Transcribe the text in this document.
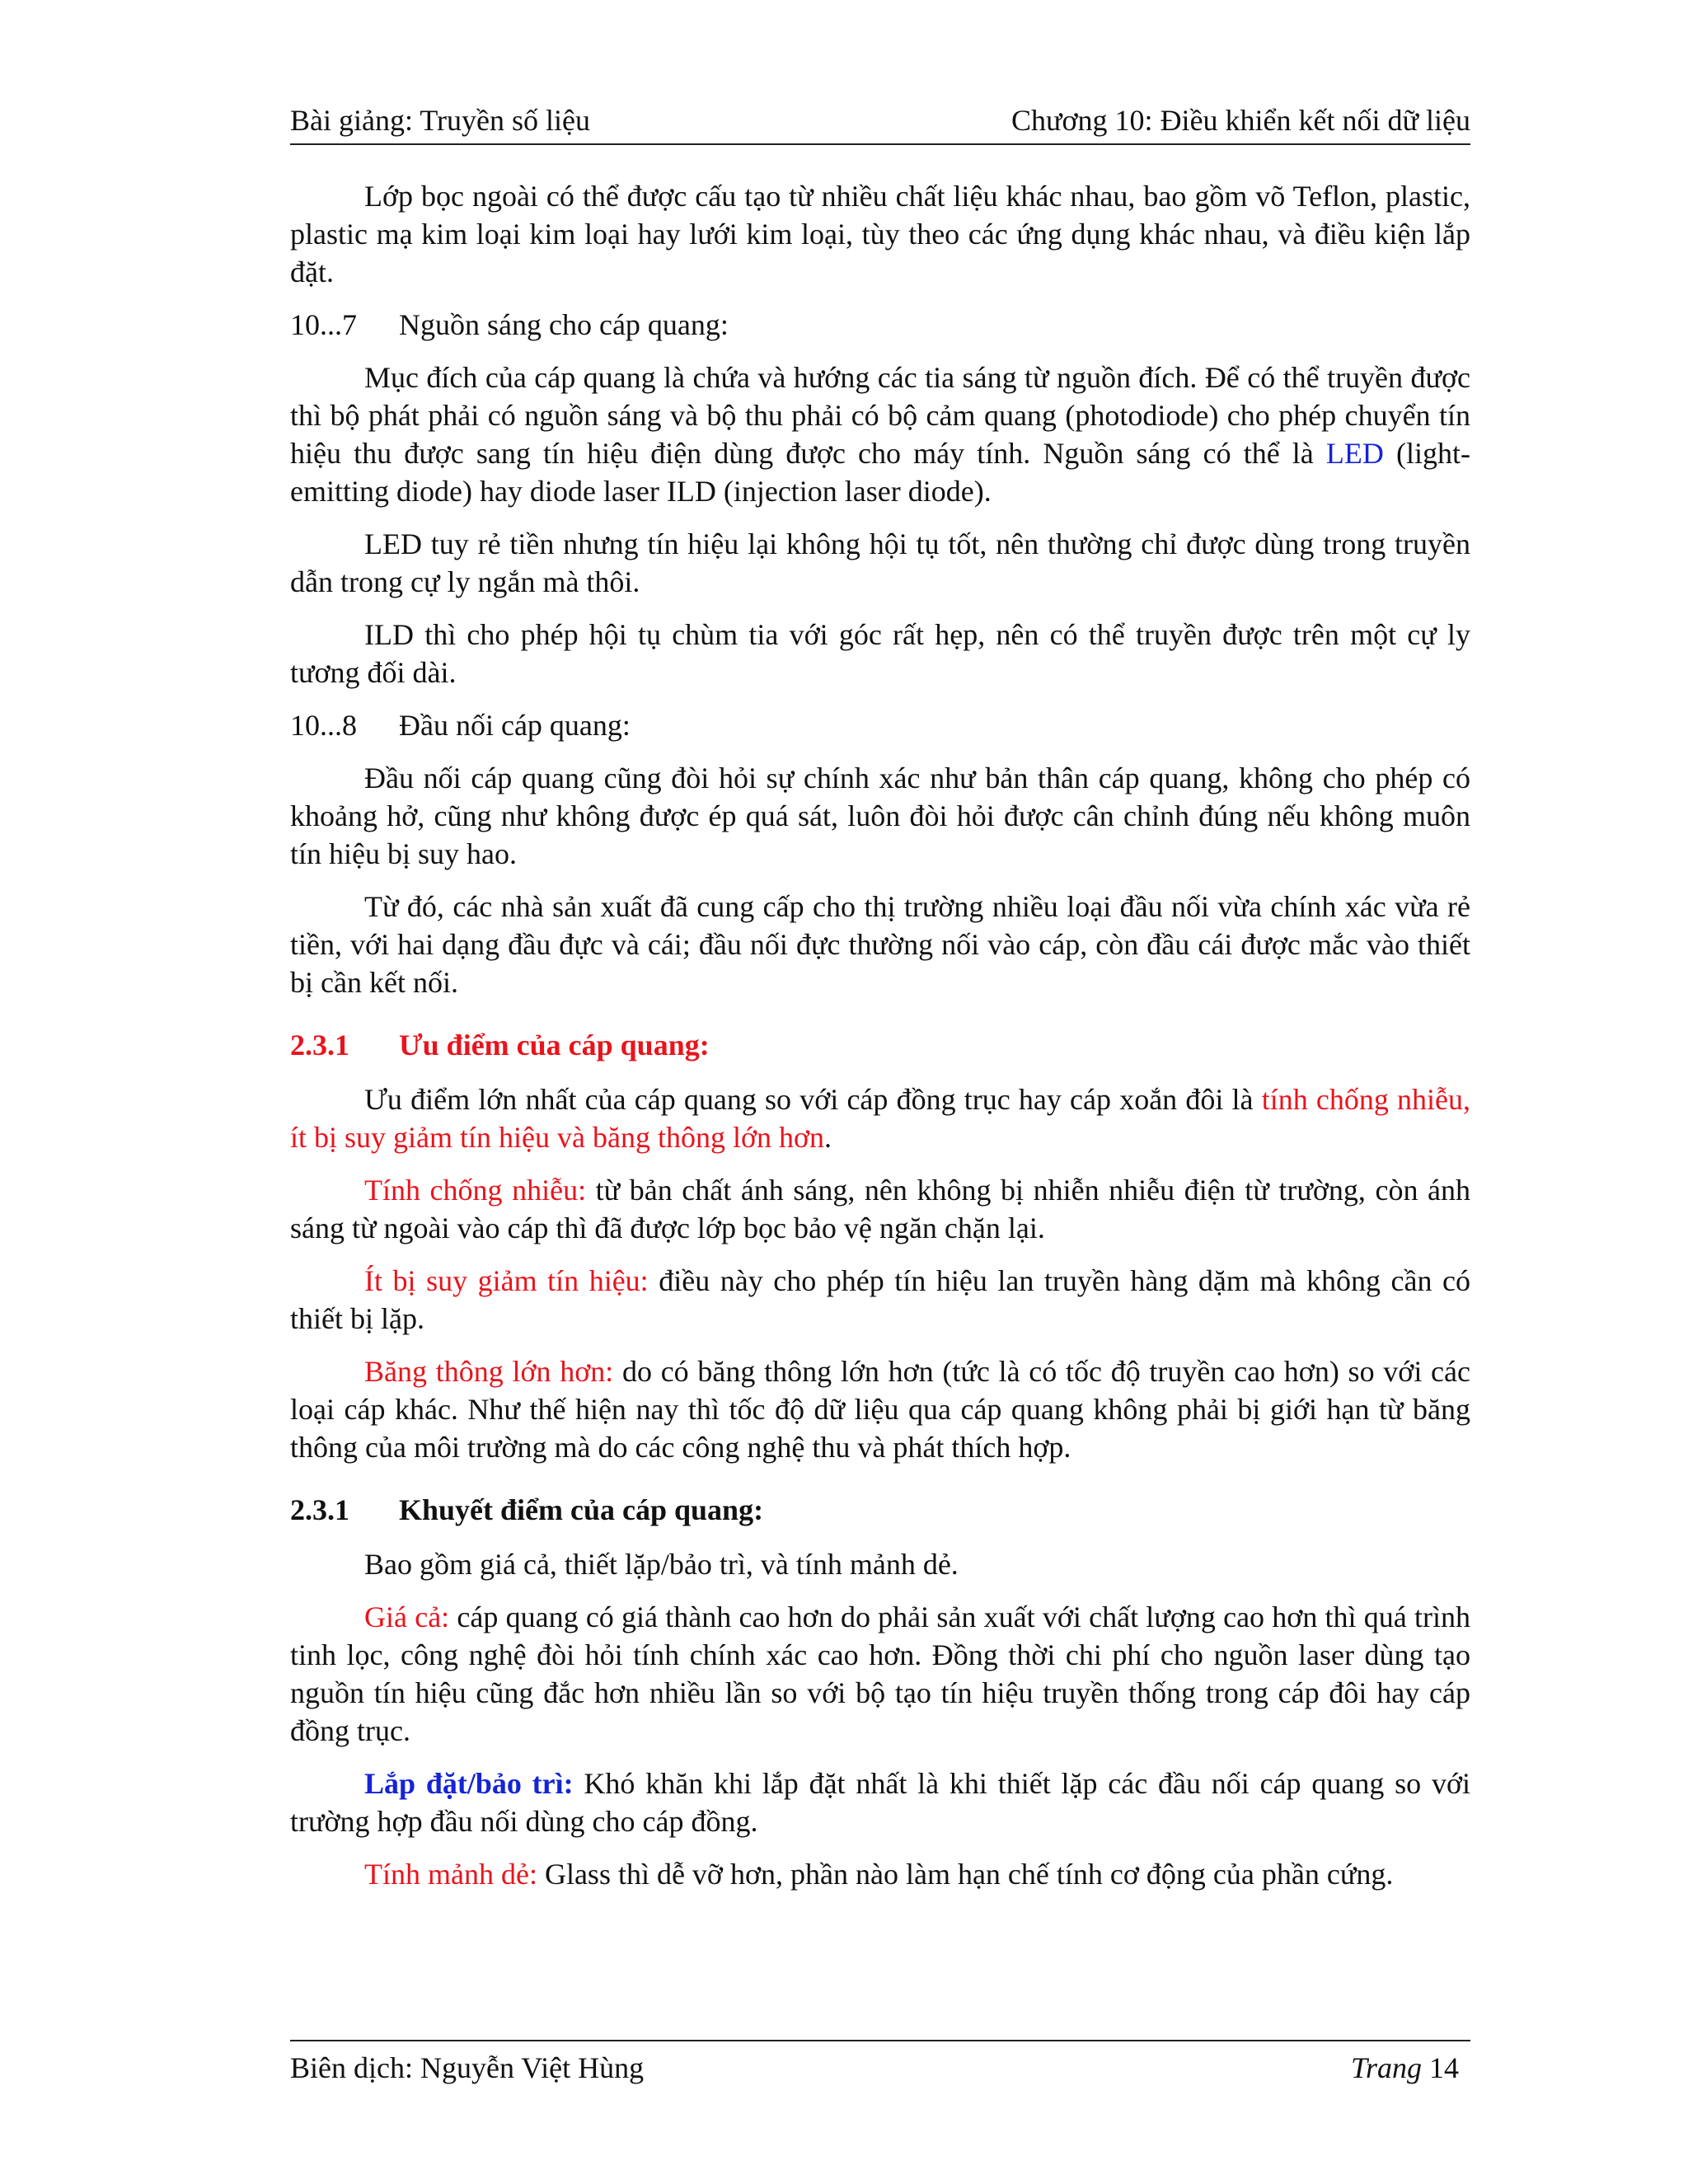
Bài giảng: Truyền số liệu	Chương 10: Điều khiển kết nối dữ liệu

Lớp bọc ngoài có thể được cấu tạo từ nhiều chất liệu khác nhau, bao gồm võ Teflon, plastic, plastic mạ kim loại kim loại hay lưới kim loại, tùy theo các ứng dụng khác nhau, và điều kiện lắp đặt.

10...7	Nguồn sáng cho cáp quang:

Mục đích của cáp quang là chứa và hướng các tia sáng từ nguồn đích. Để có thể truyền được thì bộ phát phải có nguồn sáng và bộ thu phải có bộ cảm quang (photodiode) cho phép chuyển tín hiệu thu được sang tín hiệu điện dùng được cho máy tính. Nguồn sáng có thể là LED (light-emitting diode) hay diode laser ILD (injection laser diode).

LED tuy rẻ tiền nhưng tín hiệu lại không hội tụ tốt, nên thường chỉ được dùng trong truyền dẫn trong cự ly ngắn mà thôi.

ILD thì cho phép hội tụ chùm tia với góc rất hẹp, nên có thể truyền được trên một cự ly tương đối dài.

10...8	Đầu nối cáp quang:

Đầu nối cáp quang cũng đòi hỏi sự chính xác như bản thân cáp quang, không cho phép có khoảng hở, cũng như không được ép quá sát, luôn đòi hỏi được cân chỉnh đúng nếu không muôn tín hiệu bị suy hao.

Từ đó, các nhà sản xuất đã cung cấp cho thị trường nhiều loại đầu nối vừa chính xác vừa rẻ tiền, với hai dạng đầu đực và cái; đầu nối đực thường nối vào cáp, còn đầu cái được mắc vào thiết bị cần kết nối.

2.3.1	Ưu điểm của cáp quang:

Ưu điểm lớn nhất của cáp quang so với cáp đồng trục hay cáp xoắn đôi là tính chống nhiễu, ít bị suy giảm tín hiệu và băng thông lớn hơn.

Tính chống nhiễu: từ bản chất ánh sáng, nên không bị nhiễn nhiễu điện từ trường, còn ánh sáng từ ngoài vào cáp thì đã được lớp bọc bảo vệ ngăn chặn lại.

Ít bị suy giảm tín hiệu: điều này cho phép tín hiệu lan truyền hàng dặm mà không cần có thiết bị lặp.

Băng thông lớn hơn: do có băng thông lớn hơn (tức là có tốc độ truyền cao hơn) so với các loại cáp khác. Như thế hiện nay thì tốc độ dữ liệu qua cáp quang không phải bị giới hạn từ băng thông của môi trường mà do các công nghệ thu và phát thích hợp.

2.3.1	Khuyết điểm của cáp quang:

Bao gồm giá cả, thiết lặp/bảo trì, và tính mảnh dẻ.

Giá cả: cáp quang có giá thành cao hơn do phải sản xuất với chất lượng cao hơn thì quá trình tinh lọc, công nghệ đòi hỏi tính chính xác cao hơn. Đồng thời chi phí cho nguồn laser dùng tạo nguồn tín hiệu cũng đắc hơn nhiều lần so với bộ tạo tín hiệu truyền thống trong cáp đôi hay cáp đồng trục.

Lắp đặt/bảo trì: Khó khăn khi lắp đặt nhất là khi thiết lặp các đầu nối cáp quang so với trường hợp đầu nối dùng cho cáp đồng.

Tính mảnh dẻ: Glass thì dễ vỡ hơn, phần nào làm hạn chế tính cơ động của phần cứng.

Biên dịch: Nguyễn Việt Hùng	Trang 14
